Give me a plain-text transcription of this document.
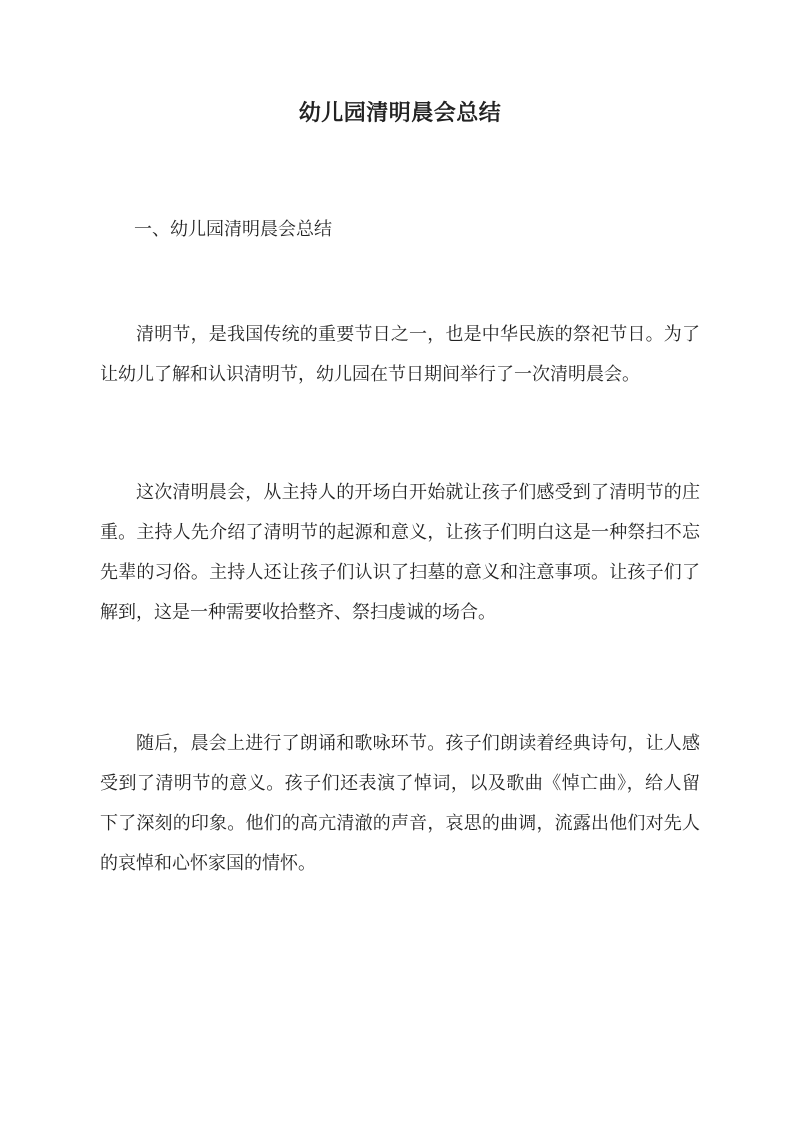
幼儿园清明晨会总结
一、幼儿园清明晨会总结

清明节，是我国传统的重要节日之一，也是中华民族的祭祀节日。为了让幼儿了解和认识清明节，幼儿园在节日期间举行了一次清明晨会。

这次清明晨会，从主持人的开场白开始就让孩子们感受到了清明节的庄重。主持人先介绍了清明节的起源和意义，让孩子们明白这是一种祭扫不忘先辈的习俗。主持人还让孩子们认识了扫墓的意义和注意事项。让孩子们了解到，这是一种需要收拾整齐、祭扫虔诚的场合。

随后，晨会上进行了朗诵和歌咏环节。孩子们朗读着经典诗句，让人感受到了清明节的意义。孩子们还表演了悼词，以及歌曲《悼亡曲》，给人留下了深刻的印象。他们的高亢清澈的声音，哀思的曲调，流露出他们对先人的哀悼和心怀家国的情怀。
